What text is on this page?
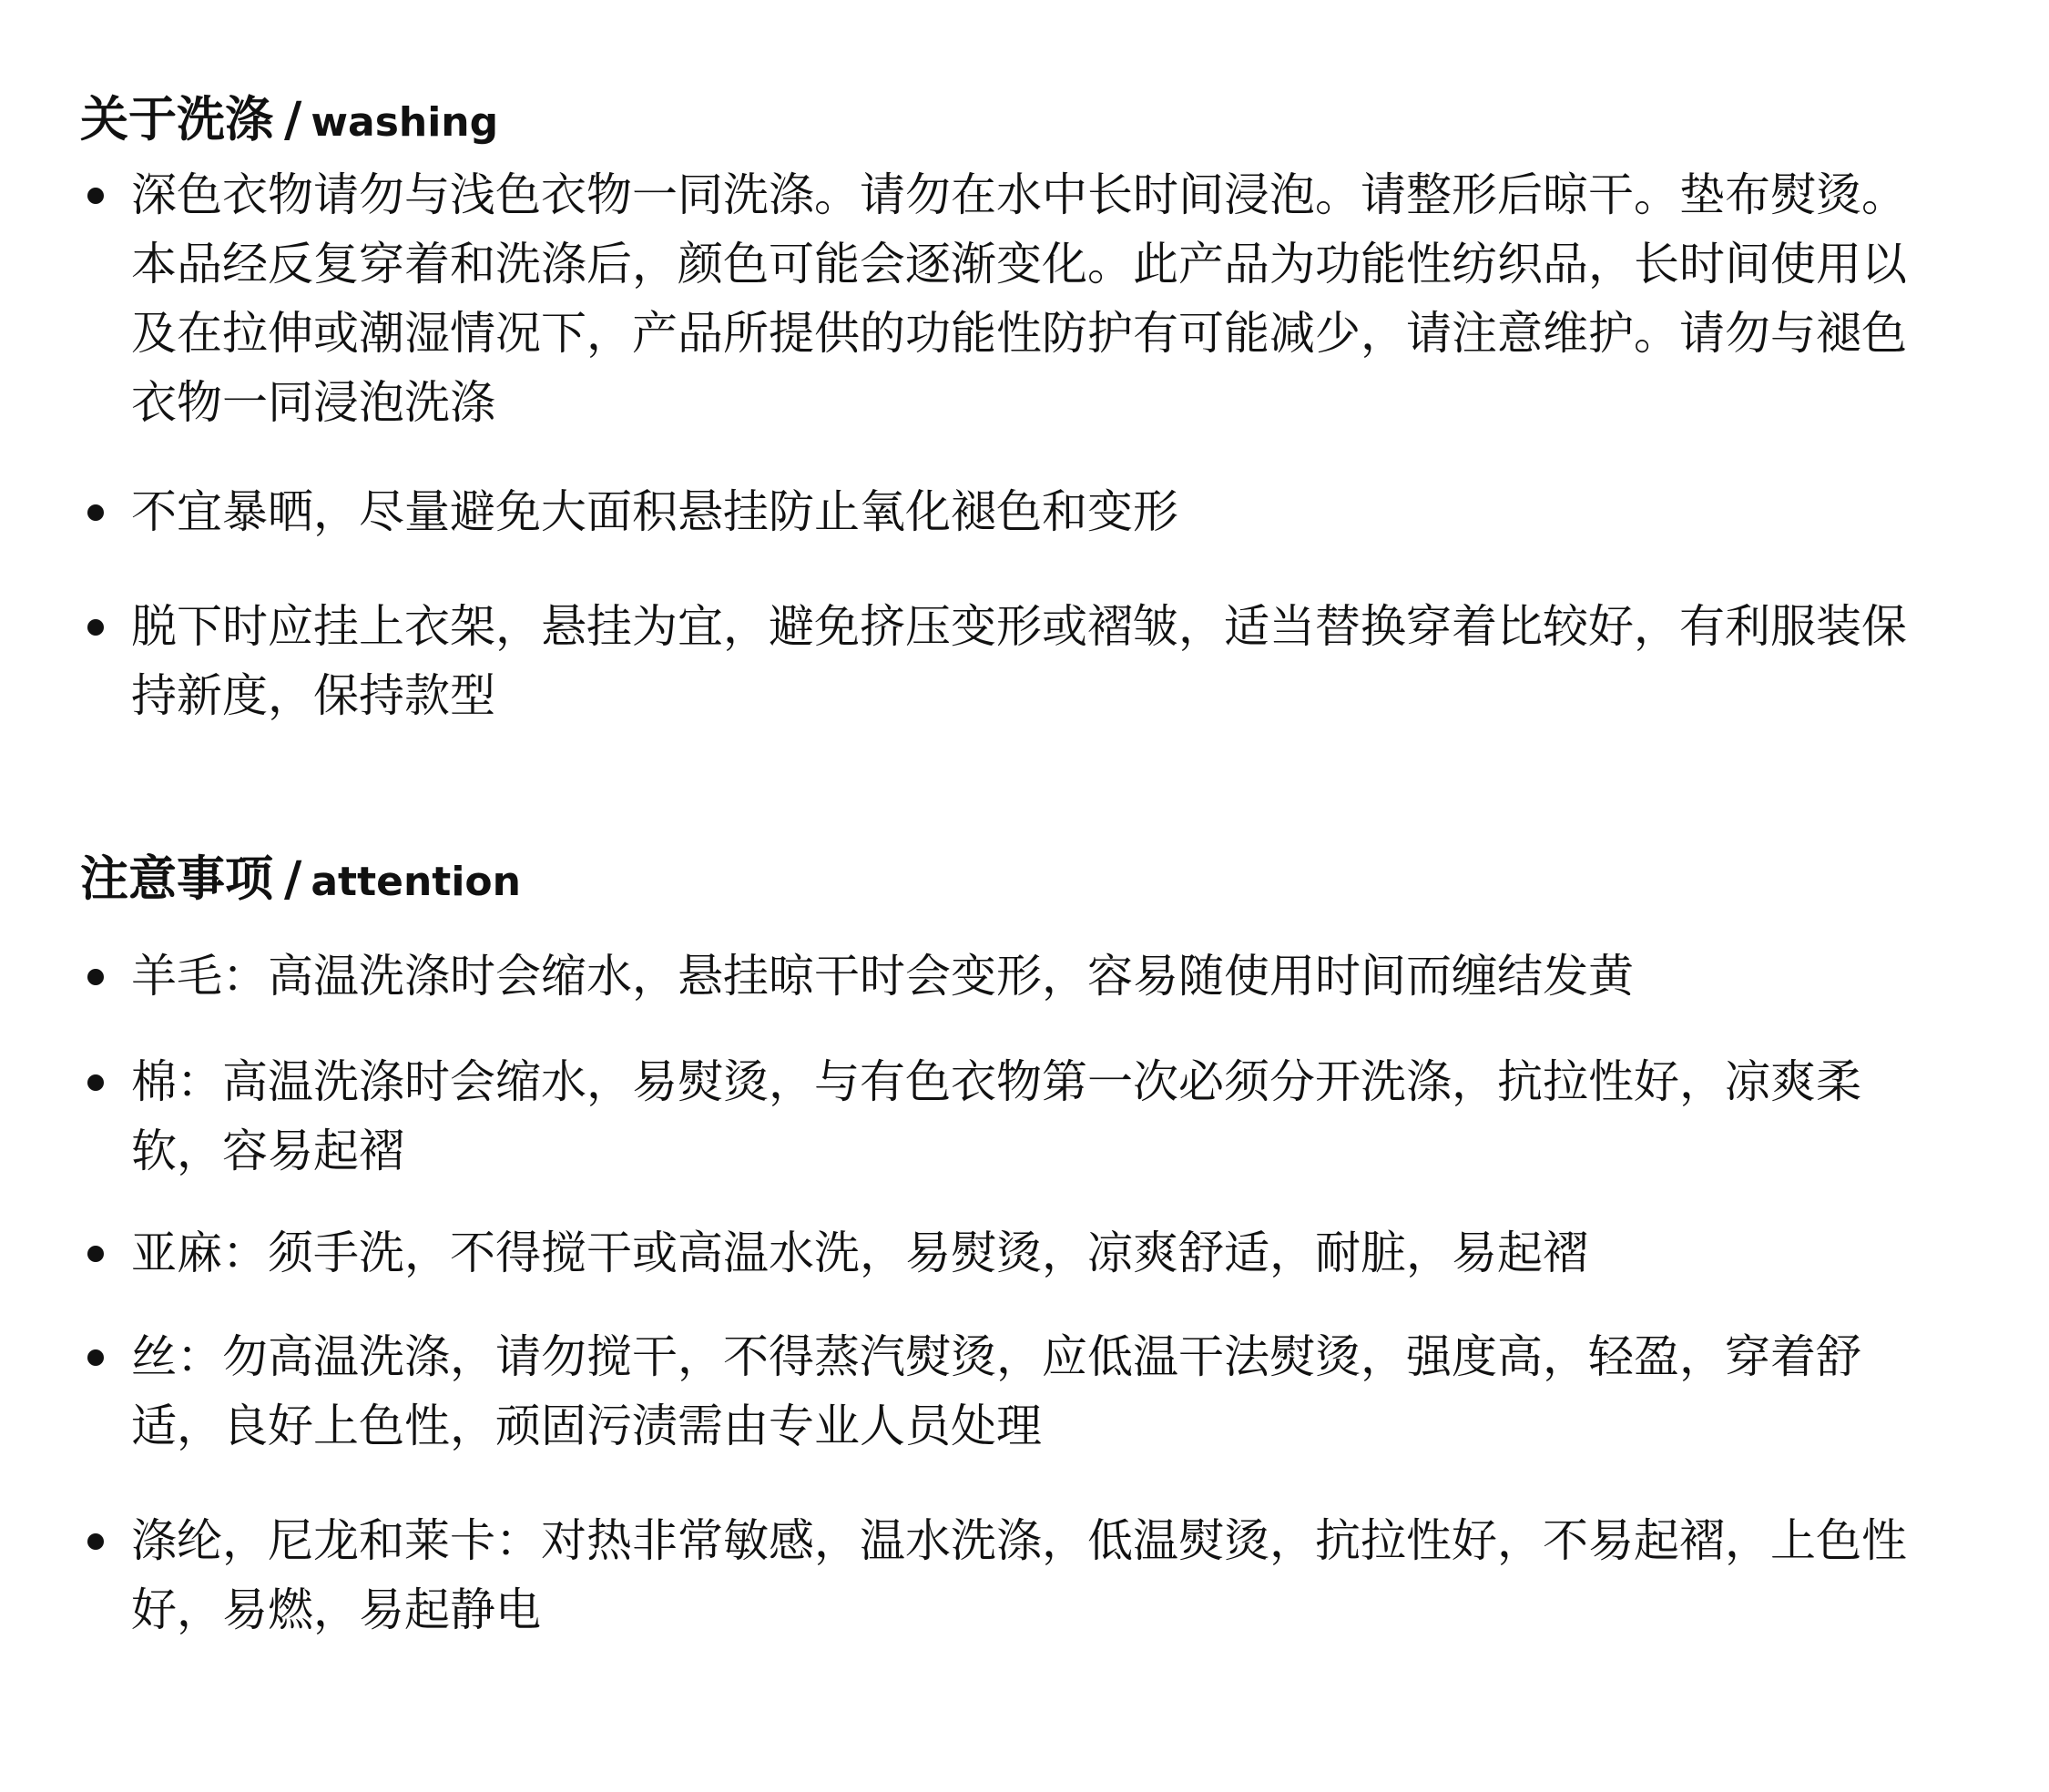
关于洗涤 / washing
深色衣物请勿与浅色衣物一同洗涤。请勿在水中长时间浸泡。请整形后晾干。垫布熨烫。本品经反复穿着和洗涤后，颜色可能会逐渐变化。此产品为功能性纺织品，长时间使用以及在拉伸或潮湿情况下，产品所提供的功能性防护有可能减少，请注意维护。请勿与褪色衣物一同浸泡洗涤
不宜暴晒，尽量避免大面积悬挂防止氧化褪色和变形
脱下时应挂上衣架，悬挂为宜，避免挤压变形或褶皱，适当替换穿着比较好，有利服装保持新度，保持款型
注意事项 / attention
羊毛：高温洗涤时会缩水，悬挂晾干时会变形，容易随使用时间而缠结发黄
棉：高温洗涤时会缩水，易熨烫，与有色衣物第一次必须分开洗涤，抗拉性好，凉爽柔软，容易起褶
亚麻：须手洗，不得搅干或高温水洗，易熨烫，凉爽舒适，耐脏，易起褶
丝：勿高温洗涤，请勿搅干，不得蒸汽熨烫，应低温干法熨烫，强度高，轻盈，穿着舒适，良好上色性，顽固污渍需由专业人员处理
涤纶，尼龙和莱卡：对热非常敏感，温水洗涤，低温熨烫，抗拉性好，不易起褶，上色性好，易燃，易起静电
